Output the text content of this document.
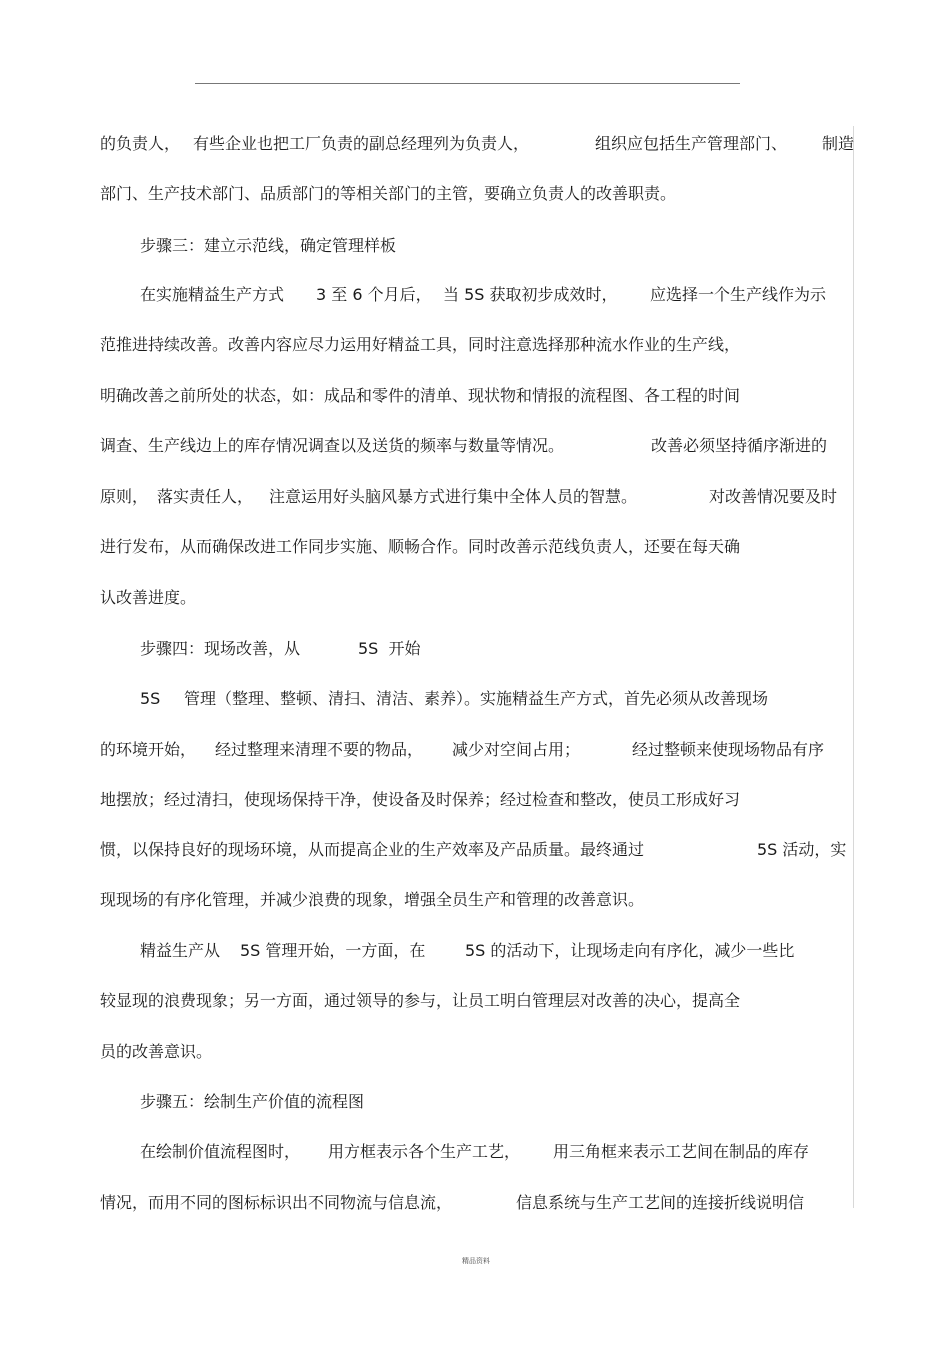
的负责人， 有些企业也把工厂负责的副总经理列为负责人，	组织应包括生产管理部门、 制造
部门、生产技术部门、品质部门的等相关部门的主管，要确立负责人的改善职责。
步骤三：建立示范线，确定管理样板
在实施精益生产方式 3 至 6 个月后， 当 5S 获取初步成效时， 应选择一个生产线作为示
范推进持续改善。改善内容应尽力运用好精益工具，同时注意选择那种流水作业的生产线，
明确改善之前所处的状态，如：成品和零件的清单、现状物和情报的流程图、各工程的时间
调查、生产线边上的库存情况调查以及送货的频率与数量等情况。	改善必须坚持循序渐进的
原则， 落实责任人， 注意运用好头脑风暴方式进行集中全体人员的智慧。	对改善情况要及时
进行发布，从而确保改进工作同步实施、顺畅合作。同时改善示范线负责人，还要在每天确
认改善进度。
步骤四：现场改善，从	5S  开始
5S 管理（整理、整顿、清扫、清洁、素养）。实施精益生产方式，首先必须从改善现场
的环境开始， 经过整理来清理不要的物品， 减少对空间占用；	经过整顿来使现场物品有序
地摆放；经过清扫，使现场保持干净，使设备及时保养；经过检查和整改，使员工形成好习
惯，以保持良好的现场环境，从而提高企业的生产效率及产品质量。最终通过	5S 活动，实
现现场的有序化管理，并减少浪费的现象，增强全员生产和管理的改善意识。
精益生产从 5S 管理开始，一方面，在 5S 的活动下，让现场走向有序化，减少一些比
较显现的浪费现象；另一方面，通过领导的参与，让员工明白管理层对改善的决心，提高全
员的改善意识。
步骤五：绘制生产价值的流程图
在绘制价值流程图时， 用方框表示各个生产工艺， 用三角框来表示工艺间在制品的库存
情况，而用不同的图标标识出不同物流与信息流，	信息系统与生产工艺间的连接折线说明信
精品资料
